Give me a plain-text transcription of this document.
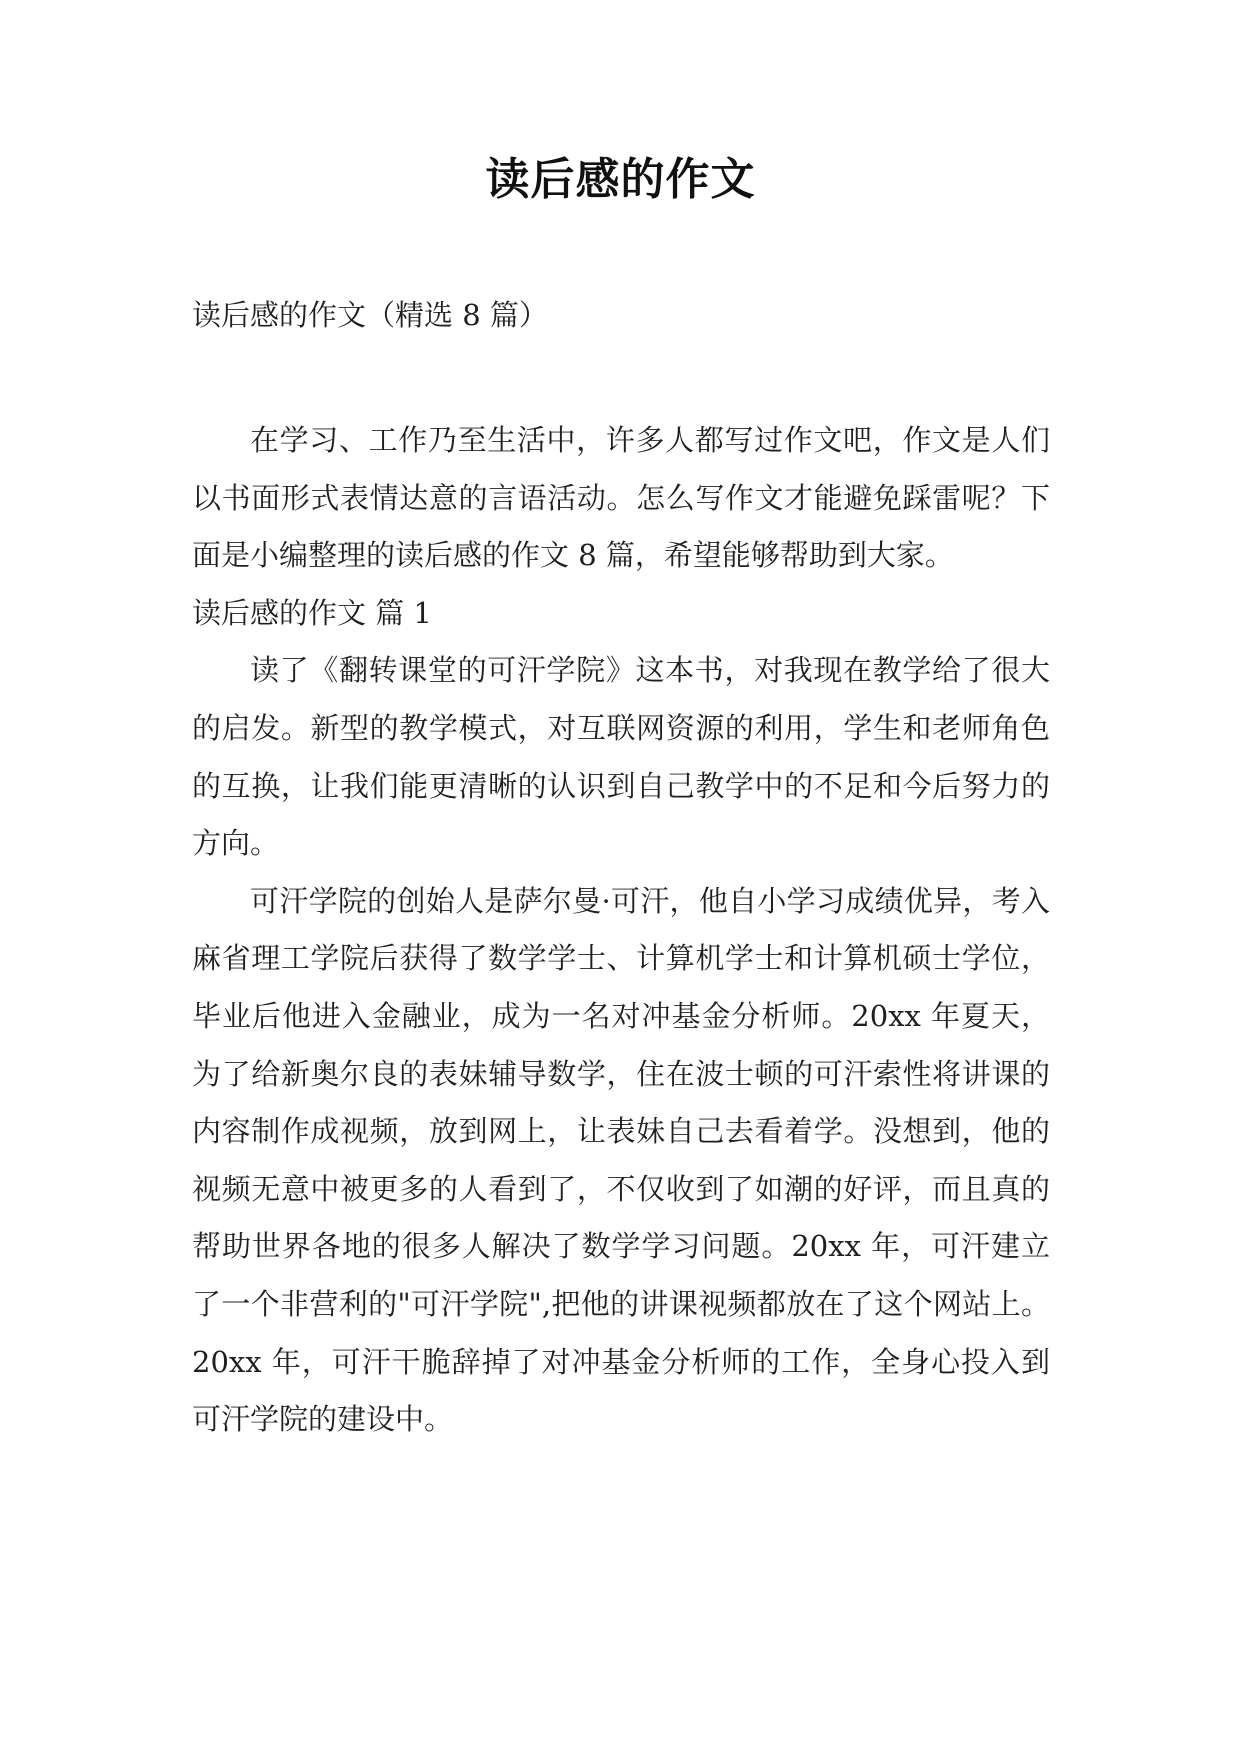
读后感的作文

读后感的作文（精选 8 篇）

在学习、工作乃至生活中，许多人都写过作文吧，作文是人们以书面形式表情达意的言语活动。怎么写作文才能避免踩雷呢？下面是小编整理的读后感的作文 8 篇，希望能够帮助到大家。

读后感的作文 篇 1

读了《翻转课堂的可汗学院》这本书，对我现在教学给了很大的启发。新型的教学模式，对互联网资源的利用，学生和老师角色的互换，让我们能更清晰的认识到自己教学中的不足和今后努力的方向。

可汗学院的创始人是萨尔曼·可汗，他自小学习成绩优异，考入麻省理工学院后获得了数学学士、计算机学士和计算机硕士学位，毕业后他进入金融业，成为一名对冲基金分析师。20xx 年夏天，为了给新奥尔良的表妹辅导数学，住在波士顿的可汗索性将讲课的内容制作成视频，放到网上，让表妹自己去看着学。没想到，他的视频无意中被更多的人看到了，不仅收到了如潮的好评，而且真的帮助世界各地的很多人解决了数学学习问题。20xx 年，可汗建立了一个非营利的"可汗学院",把他的讲课视频都放在了这个网站上。20xx 年，可汗干脆辞掉了对冲基金分析师的工作，全身心投入到可汗学院的建设中。
